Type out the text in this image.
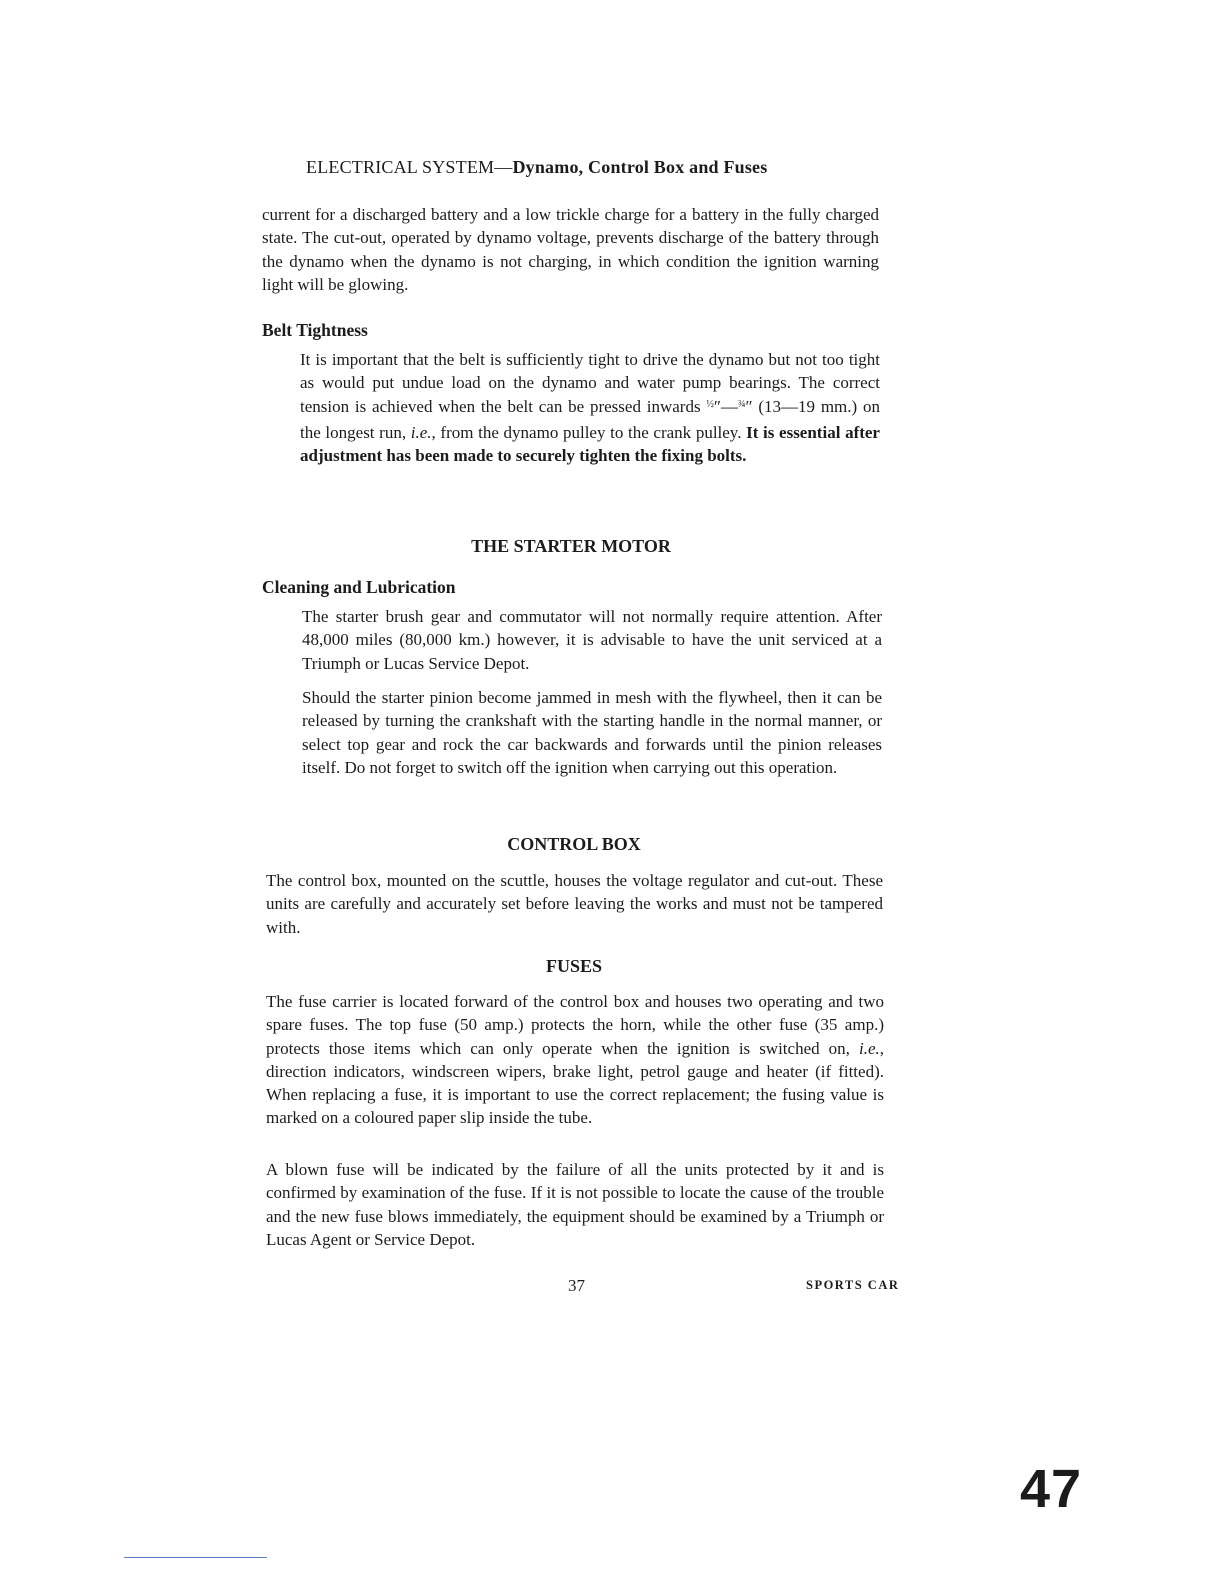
ELECTRICAL SYSTEM—Dynamo, Control Box and Fuses

current for a discharged battery and a low trickle charge for a battery in the fully charged state. The cut-out, operated by dynamo voltage, prevents discharge of the battery through the dynamo when the dynamo is not charging, in which condition the ignition warning light will be glowing.

Belt Tightness

It is important that the belt is sufficiently tight to drive the dynamo but not too tight as would put undue load on the dynamo and water pump bearings. The correct tension is achieved when the belt can be pressed inwards $^{\frac{1}{2}}$″—$^{\frac{3}{4}}$″ (13—19 mm.) on the longest run, i.e., from the dynamo pulley to the crank pulley. It is essential after adjustment has been made to securely tighten the fixing bolts.

THE STARTER MOTOR
Cleaning and Lubrication

The starter brush gear and commutator will not normally require attention. After 48,000 miles (80,000 km.) however, it is advisable to have the unit serviced at a Triumph or Lucas Service Depot.

Should the starter pinion become jammed in mesh with the flywheel, then it can be released by turning the crankshaft with the starting handle in the normal manner, or select top gear and rock the car backwards and forwards until the pinion releases itself. Do not forget to switch off the ignition when carrying out this operation.

CONTROL BOX

The control box, mounted on the scuttle, houses the voltage regulator and cut-out. These units are carefully and accurately set before leaving the works and must not be tampered with.

FUSES

The fuse carrier is located forward of the control box and houses two operating and two spare fuses. The top fuse (50 amp.) protects the horn, while the other fuse (35 amp.) protects those items which can only operate when the ignition is switched on, i.e., direction indicators, windscreen wipers, brake light, petrol gauge and heater (if fitted). When replacing a fuse, it is important to use the correct replacement; the fusing value is marked on a coloured paper slip inside the tube.

A blown fuse will be indicated by the failure of all the units protected by it and is confirmed by examination of the fuse. If it is not possible to locate the cause of the trouble and the new fuse blows immediately, the equipment should be examined by a Triumph or Lucas Agent or Service Depot.

37	SPORTS CAR
47
